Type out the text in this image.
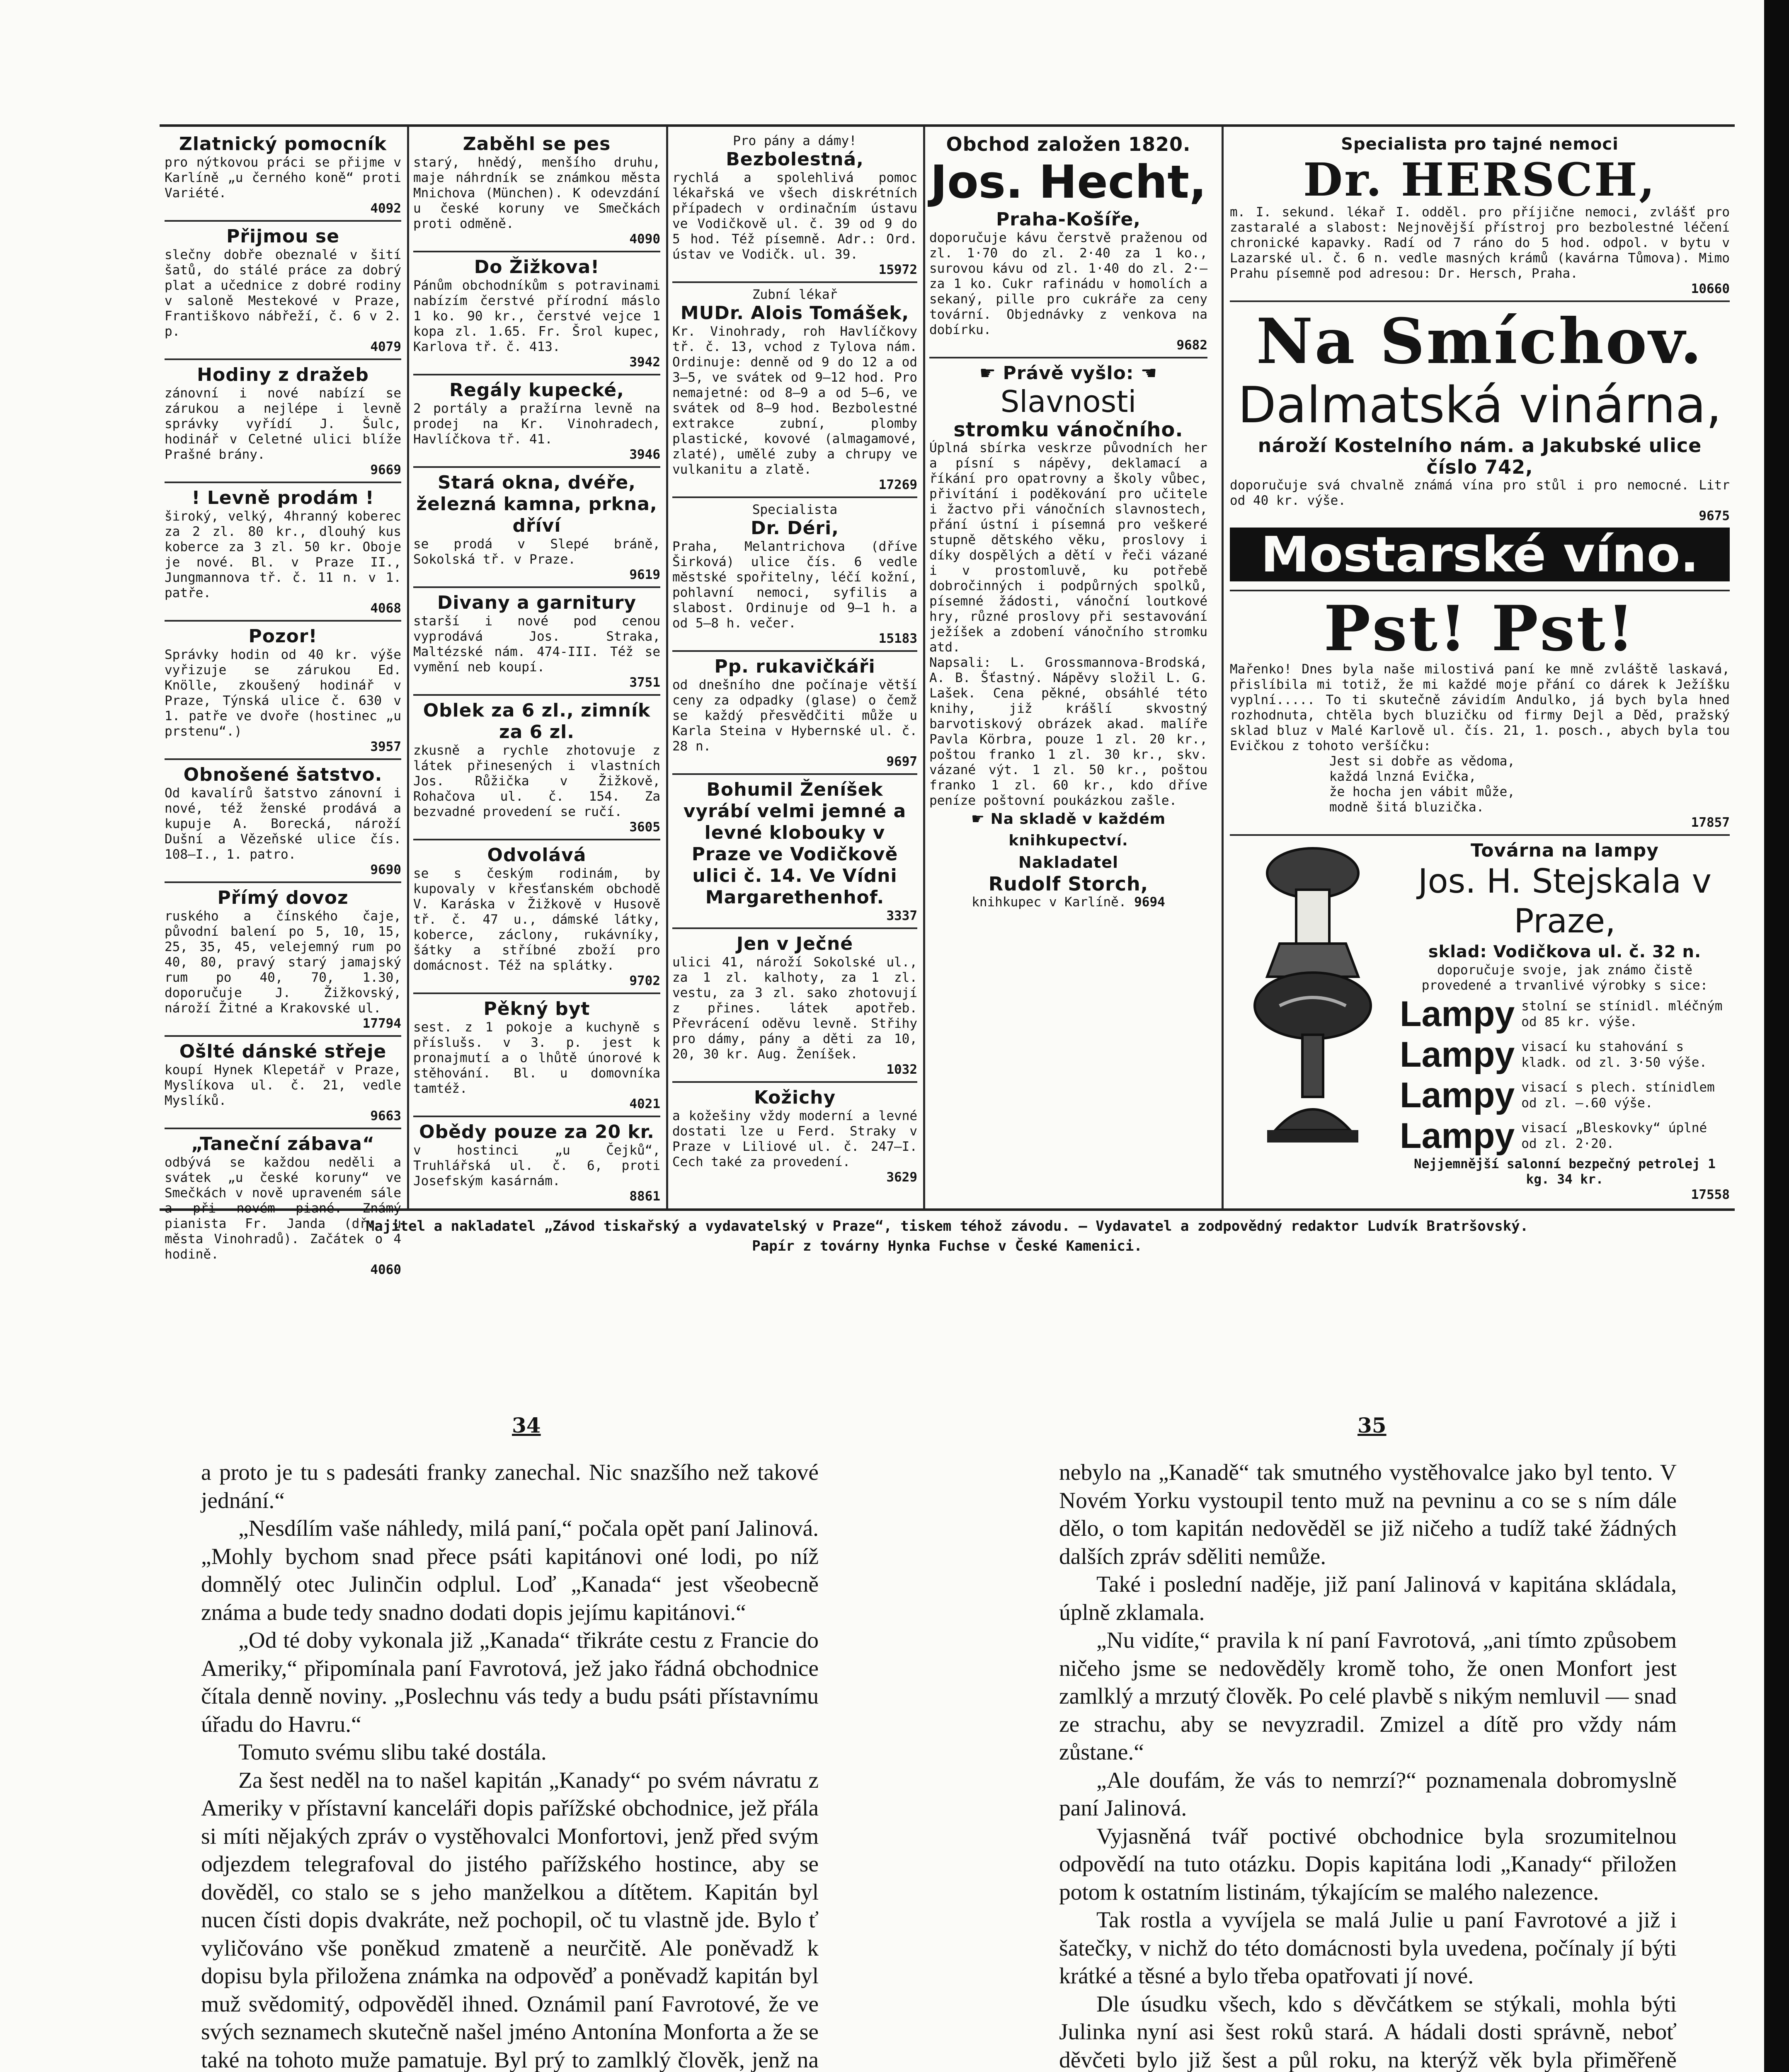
Zlatnický pomocník
pro nýtkovou práci se přijme v Karlíně „u černého koně“ proti Variété.
4092
Přijmou se
slečny dobře obeznalé v šití šatů, do stálé práce za dobrý plat a učednice z dobré rodiny v saloně Mestekové v Praze, Františkovo nábřeží, č. 6 v 2. p.
4079
Hodiny z dražeb
zánovní i nové nabízí se zárukou a nejlépe i levně správky vyřídí J. Šulc, hodinář v Celetné ulici blíže Prašné brány.
9669
! Levně prodám !
široký, velký, 4hranný koberec za 2 zl. 80 kr., dlouhý kus koberce za 3 zl. 50 kr. Oboje je nové. Bl. v Praze II., Jungmannova tř. č. 11 n. v 1. patře.
4068
Pozor!
Správky hodin od 40 kr. výše vyřizuje se zárukou Ed. Knölle, zkoušený hodinář v Praze, Týnská ulice č. 630 v 1. patře ve dvoře (hostinec „u prstenu“.)
3957
Obnošené šatstvo.
Od kavalírů šatstvo zánovní i nové, též ženské prodává a kupuje A. Borecká, nároží Dušní a Vězeňské ulice čís. 108—I., 1. patro.
9690
Přímý dovoz
ruského a čínského čaje, původní balení po 5, 10, 15, 25, 35, 45, velejemný rum po 40, 80, pravý starý jamajský rum po 40, 70, 1.30, doporučuje J. Žižkovský, nároží Žitné a Krakovské ul.
17794
Ošlté dánské střeje
koupí Hynek Klepetář v Praze, Myslíkova ul. č. 21, vedle Myslíků.
9663
„Taneční zábava“
odbývá se každou neděli a svátek „u české koruny“ ve Smečkách v nově upraveném sále a při novém piané. Známý pianista Fr. Janda (dř. u města Vinohradů). Začátek o 4 hodině.
4060
Zaběhl se pes
starý, hnědý, menšího druhu, maje náhrdník se známkou města Mnichova (München). K odevzdání u české koruny ve Smečkách proti odměně.
4090
Do Žižkova!
Pánům obchodníkům s potravinami nabízím čerstvé přírodní máslo 1 ko. 90 kr., čerstvé vejce 1 kopa zl. 1.65. Fr. Šrol kupec, Karlova tř. č. 413.
3942
Regály kupecké,
2 portály a pražírna levně na prodej na Kr. Vinohradech, Havlíčkova tř. 41.
3946
Stará okna, dvéře, železná kamna, prkna, dříví
se prodá v Slepé bráně, Sokolská tř. v Praze.
9619
Divany a garnitury
starší i nové pod cenou vyprodává Jos. Straka, Maltézské nám. 474-III. Též se vymění neb koupí.
3751
Oblek za 6 zl., zimník za 6 zl.
zkusně a rychle zhotovuje z látek přinesených i vlastních Jos. Růžička v Žižkově, Rohačova ul. č. 154. Za bezvadné provedení se ručí.
3605
Odvolává
se s českým rodinám, by kupovaly v křesťanském obchodě V. Karáska v Žižkově v Husově tř. č. 47 u., dámské látky, koberce, záclony, rukávníky, šátky a stříbné zboží pro domácnost. Též na splátky.
9702
Pěkný byt
sest. z 1 pokoje a kuchyně s příslušs. v 3. p. jest k pronajmutí a o lhůtě únorové k stěhování. Bl. u domovníka tamtéž.
4021
Obědy pouze za 20 kr.
v hostinci „u Čejků“, Truhlářská ul. č. 6, proti Josefským kasárnám.
8861
Pro pány a dámy!
Bezbolestná,
rychlá a spolehlivá pomoc lékařská ve všech diskrétních případech v ordinačním ústavu ve Vodičkově ul. č. 39 od 9 do 5 hod. Též písemně. Adr.: Ord. ústav ve Vodičk. ul. 39.
15972
Zubní lékař
MUDr. Alois Tomášek,
Kr. Vinohrady, roh Havlíčkovy tř. č. 13, vchod z Tylova nám. Ordinuje: denně od 9 do 12 a od 3—5, ve svátek od 9—12 hod. Pro nemajetné: od 8—9 a od 5—6, ve svátek od 8—9 hod. Bezbolestné extrakce zubní, plomby plastické, kovové (almagamové, zlaté), umělé zuby a chrupy ve vulkanitu a zlatě.
17269
Specialista
Dr. Déri,
Praha, Melantrichova (dříve Širková) ulice čís. 6 vedle městské spořitelny, léčí kožní, pohlavní nemoci, syfilis a slabost. Ordinuje od 9—1 h. a od 5—8 h. večer.
15183
Pp. rukavičkáři
od dnešního dne počínaje větší ceny za odpadky (glase) o čemž se každý přesvědčiti může u Karla Steina v Hybernské ul. č. 28 n.
9697
Bohumil Ženíšek vyrábí velmi jemné a levné klobouky v Praze ve Vodičkově ulici č. 14. Ve Vídni Margarethenhof.
3337
Jen v Ječné
ulici 41, nároží Sokolské ul., za 1 zl. kalhoty, za 1 zl. vestu, za 3 zl. sako zhotovují z přines. látek apotřeb. Převrácení oděvu levně. Střihy pro dámy, pány a děti za 10, 20, 30 kr. Aug. Ženíšek.
1032
Kožichy
a kožešiny vždy moderní a levné dostati lze u Ferd. Straky v Praze v Liliové ul. č. 247—I. Cech také za provedení.
3629
Obchod založen 1820.
Jos. Hecht,
Praha-Košíře,
doporučuje kávu čerstvě praženou od zl. 1·70 do zl. 2·40 za 1 ko., surovou kávu od zl. 1·40 do zl. 2·— za 1 ko. Cukr rafinádu v homolích a sekaný, pille pro cukráře za ceny tovární. Objednávky z venkova na dobírku.
9682
☛ Právě vyšlo: ☚
Slavnosti
stromku vánočního.
Úplná sbírka veskrze původních her a písní s nápěvy, deklamací a říkání pro opatrovny a školy vůbec, přivítání i poděkování pro učitele i žactvo při vánočních slavnostech, přání ústní i písemná pro veškeré stupně dětského věku, proslovy i díky dospělých a dětí v řeči vázané i v prostomluvě, ku potřebě dobročinných i podpůrných spolků, písemné žádosti, vánoční loutkové hry, různé proslovy při sestavování ježíšek a zdobení vánočního stromku atd.
Napsali: L. Grossmannova-Brodská, A. B. Šťastný. Nápěvy složil L. G. Lašek. Cena pěkné, obsáhlé této knihy, již krášlí skvostný barvotiskový obrázek akad. malíře Pavla Körbra, pouze 1 zl. 20 kr., poštou franko 1 zl. 30 kr., skv. vázané výt. 1 zl. 50 kr., poštou franko 1 zl. 60 kr., kdo dříve peníze poštovní poukázkou zašle.
☛ Na skladě v každém knihkupectví.
Nakladatel
Rudolf Storch,
knihkupec v Karlíně. 9694
Specialista pro tajné nemoci
Dr. HERSCH,
m. I. sekund. lékař I. odděl. pro příjične nemoci, zvlášť pro zastaralé a slabost: Nejnovější přístroj pro bezbolestné léčení chronické kapavky. Radí od 7 ráno do 5 hod. odpol. v bytu v Lazarské ul. č. 6 n. vedle masných krámů (kavárna Tůmova). Mimo Prahu písemně pod adresou: Dr. Hersch, Praha.
10660
Na Smíchov.
Dalmatská vinárna,
nároží Kostelního nám. a Jakubské ulice číslo 742,
doporučuje svá chvalně známá vína pro stůl i pro nemocné. Litr od 40 kr. výše.
9675
Mostarské víno.
Pst! Pst!
Mařenko! Dnes byla naše milostivá paní ke mně zvláště laskavá, přislíbila mi totiž, že mi každé moje přání co dárek k Ježíšku vyplní..... To ti skutečně závidím Andulko, já bych byla hned rozhodnuta, chtěla bych bluzičku od firmy Dejl a Děd, pražský sklad bluz v Malé Karlově ul. čís. 21, 1. posch., abych byla tou Evičkou z tohoto veršíčku:
Jest si dobře as vědoma,
každá lnzná Evička,
že hocha jen vábit může,
modně šitá bluzička.
17857
Továrna na lampy
Jos. H. Stejskala v Praze,
sklad: Vodičkova ul. č. 32 n.
doporučuje svoje, jak známo čistě provedené a trvanlivé výrobky s sice:
Lampy stolní se stínidl. mléčným od 85 kr. výše.
Lampy visací ku stahování s kladk. od zl. 3·50 výše.
Lampy visací s plech. stínidlem od zl. —.60 výše.
Lampy visací „Bleskovky“ úplné od zl. 2·20.
Nejjemnější salonní bezpečný petrolej 1 kg. 34 kr.
17558
Majitel a nakladatel „Závod tiskařský a vydavatelský v Praze“, tiskem téhož závodu. — Vydavatel a zodpovědný redaktor Ludvík Bratršovský.
Papír z továrny Hynka Fuchse v České Kamenici.
34	35

a proto je tu s padesáti franky zanechal. Nic snazšího než takové jednání.“

„Nesdílím vaše náhledy, milá paní,“ počala opět paní Jalinová. „Mohly bychom snad přece psáti kapitánovi oné lodi, po níž domnělý otec Julinčin odplul. Loď „Kanada“ jest všeobecně známa a bude tedy snadno dodati dopis jejímu kapitánovi.“

„Od té doby vykonala již „Kanada“ třikráte cestu z Francie do Ameriky,“ připomínala paní Favrotová, jež jako řádná obchodnice čítala denně noviny. „Poslechnu vás tedy a budu psáti přístavnímu úřadu do Havru.“

Tomuto svému slibu také dostála.

Za šest neděl na to našel kapitán „Kanady“ po svém návratu z Ameriky v přístavní kanceláři dopis pařížské obchodnice, jež přála si míti nějakých zpráv o vystěhovalci Monfortovi, jenž před svým odjezdem telegrafoval do jistého pařížského hostince, aby se dověděl, co stalo se s jeho manželkou a dítětem. Kapitán byl nucen čísti dopis dvakráte, než pochopil, oč tu vlastně jde. Bylo ť vyličováno vše poněkud zmateně a neurčitě. Ale poněvadž k dopisu byla přiložena známka na odpověď a poněvadž kapitán byl muž svědomitý, odpověděl ihned. Oznámil paní Favrotové, že ve svých seznamech skutečně našel jméno Antonína Monforta a že se také na tohoto muže pamatuje. Byl prý to zamlklý člověk, jenž na

nebylo na „Kanadě“ tak smutného vystěhovalce jako byl tento. V Novém Yorku vystoupil tento muž na pevninu a co se s ním dále dělo, o tom kapitán nedověděl se již ničeho a tudíž také žádných dalších zpráv sděliti nemůže.

Také i poslední naděje, již paní Jalinová v kapitána skládala, úplně zklamala.

„Nu vidíte,“ pravila k ní paní Favrotová, „ani tímto způsobem ničeho jsme se nedověděly kromě toho, že onen Monfort jest zamlklý a mrzutý člověk. Po celé plavbě s nikým nemluvil — snad ze strachu, aby se nevyzradil. Zmizel a dítě pro vždy nám zůstane.“

„Ale doufám, že vás to nemrzí?“ poznamenala dobromyslně paní Jalinová.

Vyjasněná tvář poctivé obchodnice byla srozumitelnou odpovědí na tuto otázku. Dopis kapitána lodi „Kanady“ přiložen potom k ostatním listinám, týkajícím se malého nalezence.

Tak rostla a vyvíjela se malá Julie u paní Favrotové a již i šatečky, v nichž do této domácnosti byla uvedena, počínaly jí býti krátké a těsné a bylo třeba opatřovati jí nové.

Dle úsudku všech, kdo s děvčátkem se stýkali, mohla býti Julinka nyní asi šest roků stará. A hádali dosti správně, neboť děvčeti bylo již šest a půl roku, na kterýž věk byla přiměřeně
